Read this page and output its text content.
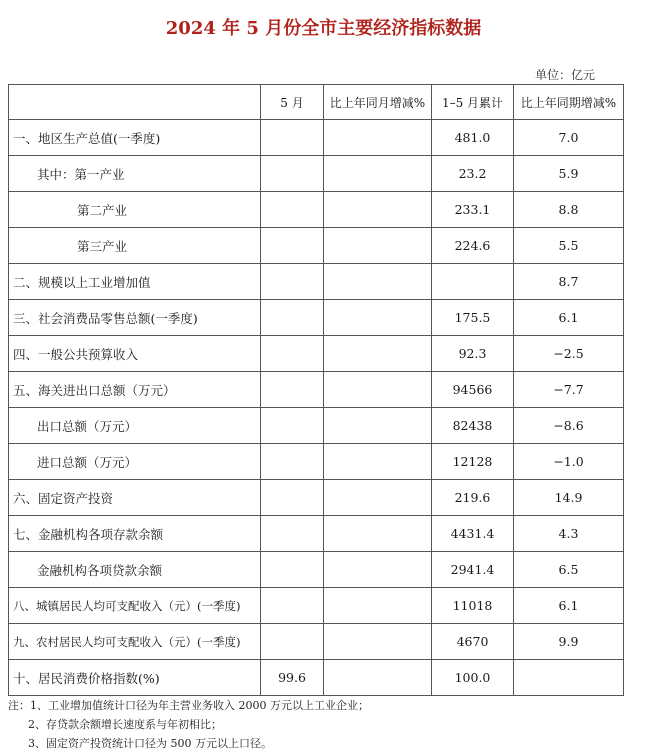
2024 年 5 月份全市主要经济指标数据
单位：亿元
	5 月	比上年同月增减%	1–5 月累计	比上年同期增减%
一、地区生产总值(一季度)			481.0	7.0
其中：第一产业			23.2	5.9
第二产业			233.1	8.8
第三产业			224.6	5.5
二、规模以上工业增加值				8.7
三、社会消费品零售总额(一季度)			175.5	6.1
四、一般公共预算收入			92.3	−2.5
五、海关进出口总额（万元）			94566	−7.7
出口总额（万元）			82438	−8.6
进口总额（万元）			12128	−1.0
六、固定资产投资			219.6	14.9
七、金融机构各项存款余额			4431.4	4.3
金融机构各项贷款余额			2941.4	6.5
八、城镇居民人均可支配收入（元）(一季度)			11018	6.1
九、农村居民人均可支配收入（元）(一季度)			4670	9.9
十、居民消费价格指数(%)	99.6		100.0	
注：1、工业增加值统计口径为年主营业务收入 2000 万元以上工业企业；
2、存贷款余额增长速度系与年初相比；
3、固定资产投资统计口径为 500 万元以上口径。
